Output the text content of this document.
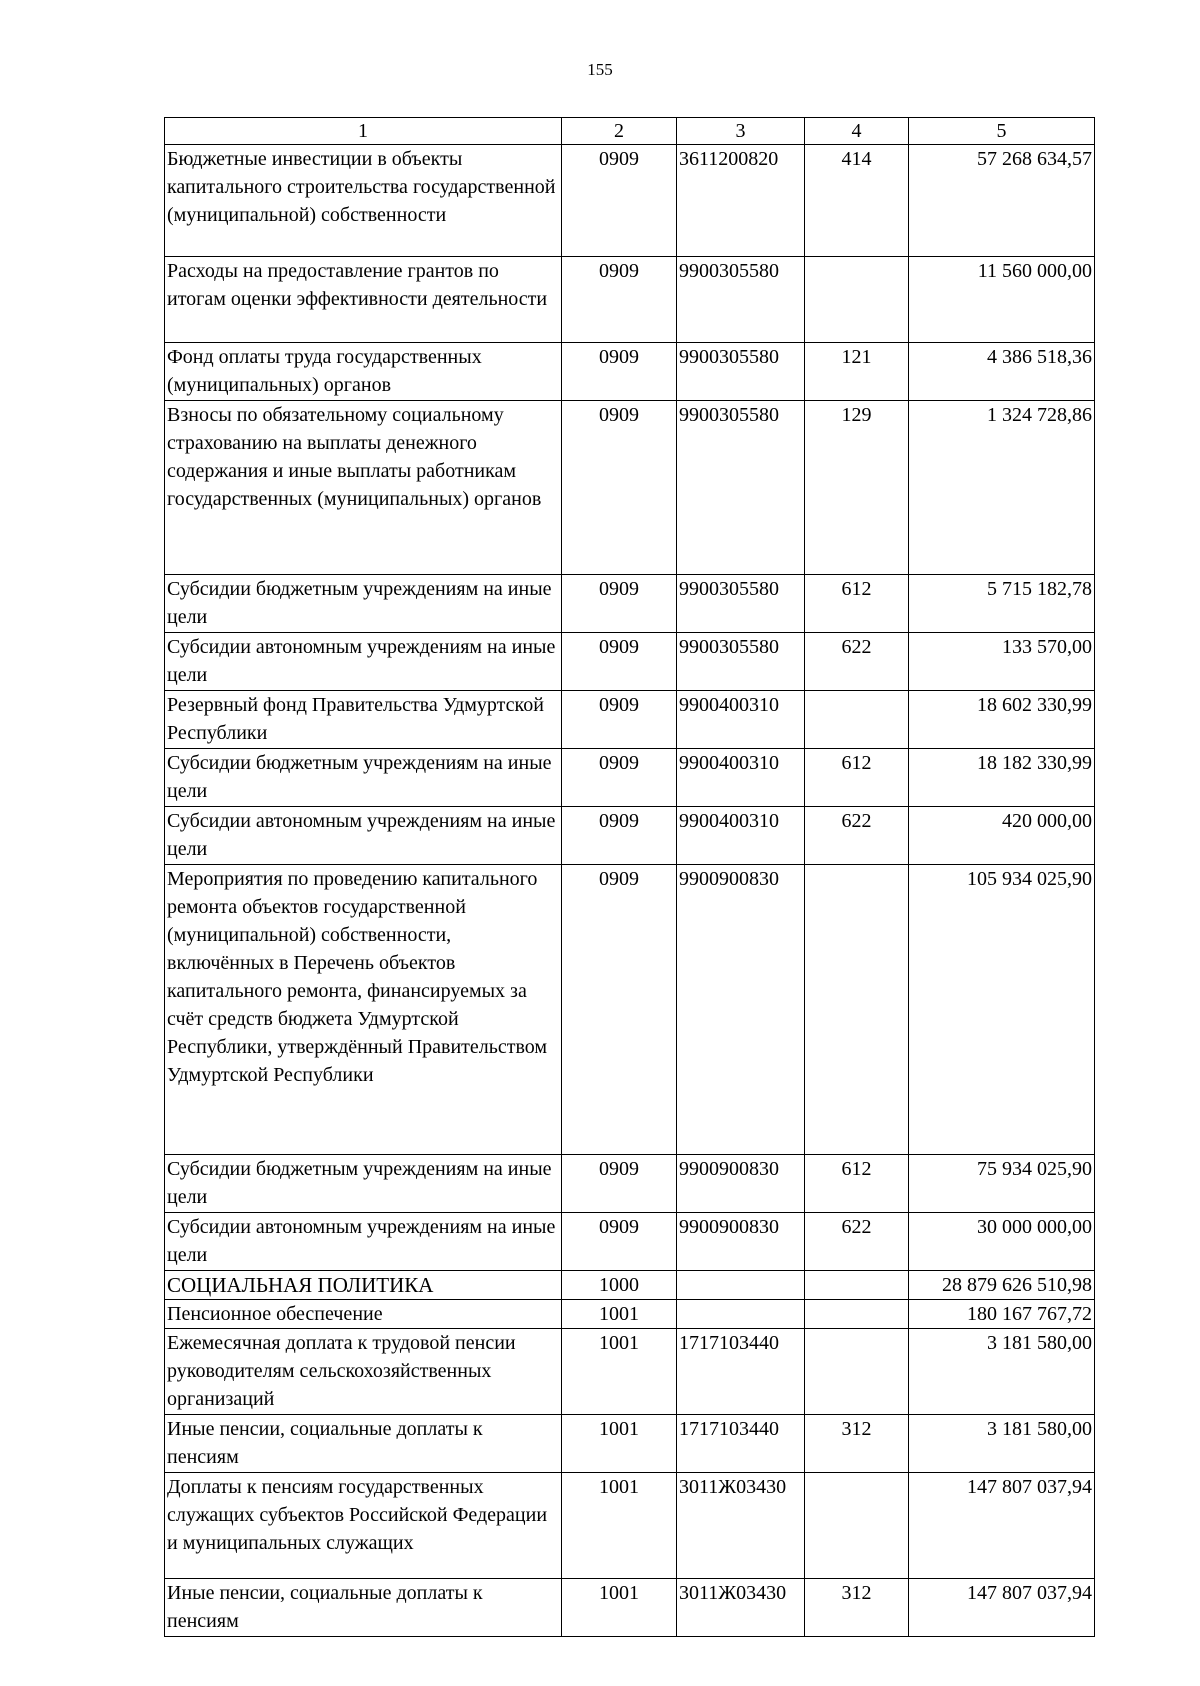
155
1	2	3	4	5
Бюджетные инвестиции в объекты капитального строительства государственной (муниципальной) собственности	0909	3611200820	414	57 268 634,57
Расходы на предоставление грантов по итогам оценки эффективности деятельности	0909	9900305580		11 560 000,00
Фонд оплаты труда государственных (муниципальных) органов	0909	9900305580	121	4 386 518,36
Взносы по обязательному социальному страхованию на выплаты денежного содержания и иные выплаты работникам государственных (муниципальных) органов	0909	9900305580	129	1 324 728,86
Субсидии бюджетным учреждениям на иные цели	0909	9900305580	612	5 715 182,78
Субсидии автономным учреждениям на иные цели	0909	9900305580	622	133 570,00
Резервный фонд Правительства Удмуртской Республики	0909	9900400310		18 602 330,99
Субсидии бюджетным учреждениям на иные цели	0909	9900400310	612	18 182 330,99
Субсидии автономным учреждениям на иные цели	0909	9900400310	622	420 000,00
Мероприятия по проведению капитального ремонта объектов государственной (муниципальной) собственности, включённых в Перечень объектов капитального ремонта, финансируемых за счёт средств бюджета Удмуртской Республики, утверждённый Правительством Удмуртской Республики	0909	9900900830		105 934 025,90
Субсидии бюджетным учреждениям на иные цели	0909	9900900830	612	75 934 025,90
Субсидии автономным учреждениям на иные цели	0909	9900900830	622	30 000 000,00
СОЦИАЛЬНАЯ ПОЛИТИКА	1000			28 879 626 510,98
Пенсионное обеспечение	1001			180 167 767,72
Ежемесячная доплата к трудовой пенсии руководителям сельскохозяйственных организаций	1001	1717103440		3 181 580,00
Иные пенсии, социальные доплаты к пенсиям	1001	1717103440	312	3 181 580,00
Доплаты к пенсиям государственных служащих субъектов Российской Федерации и муниципальных служащих	1001	3011Ж03430		147 807 037,94
Иные пенсии, социальные доплаты к пенсиям	1001	3011Ж03430	312	147 807 037,94
